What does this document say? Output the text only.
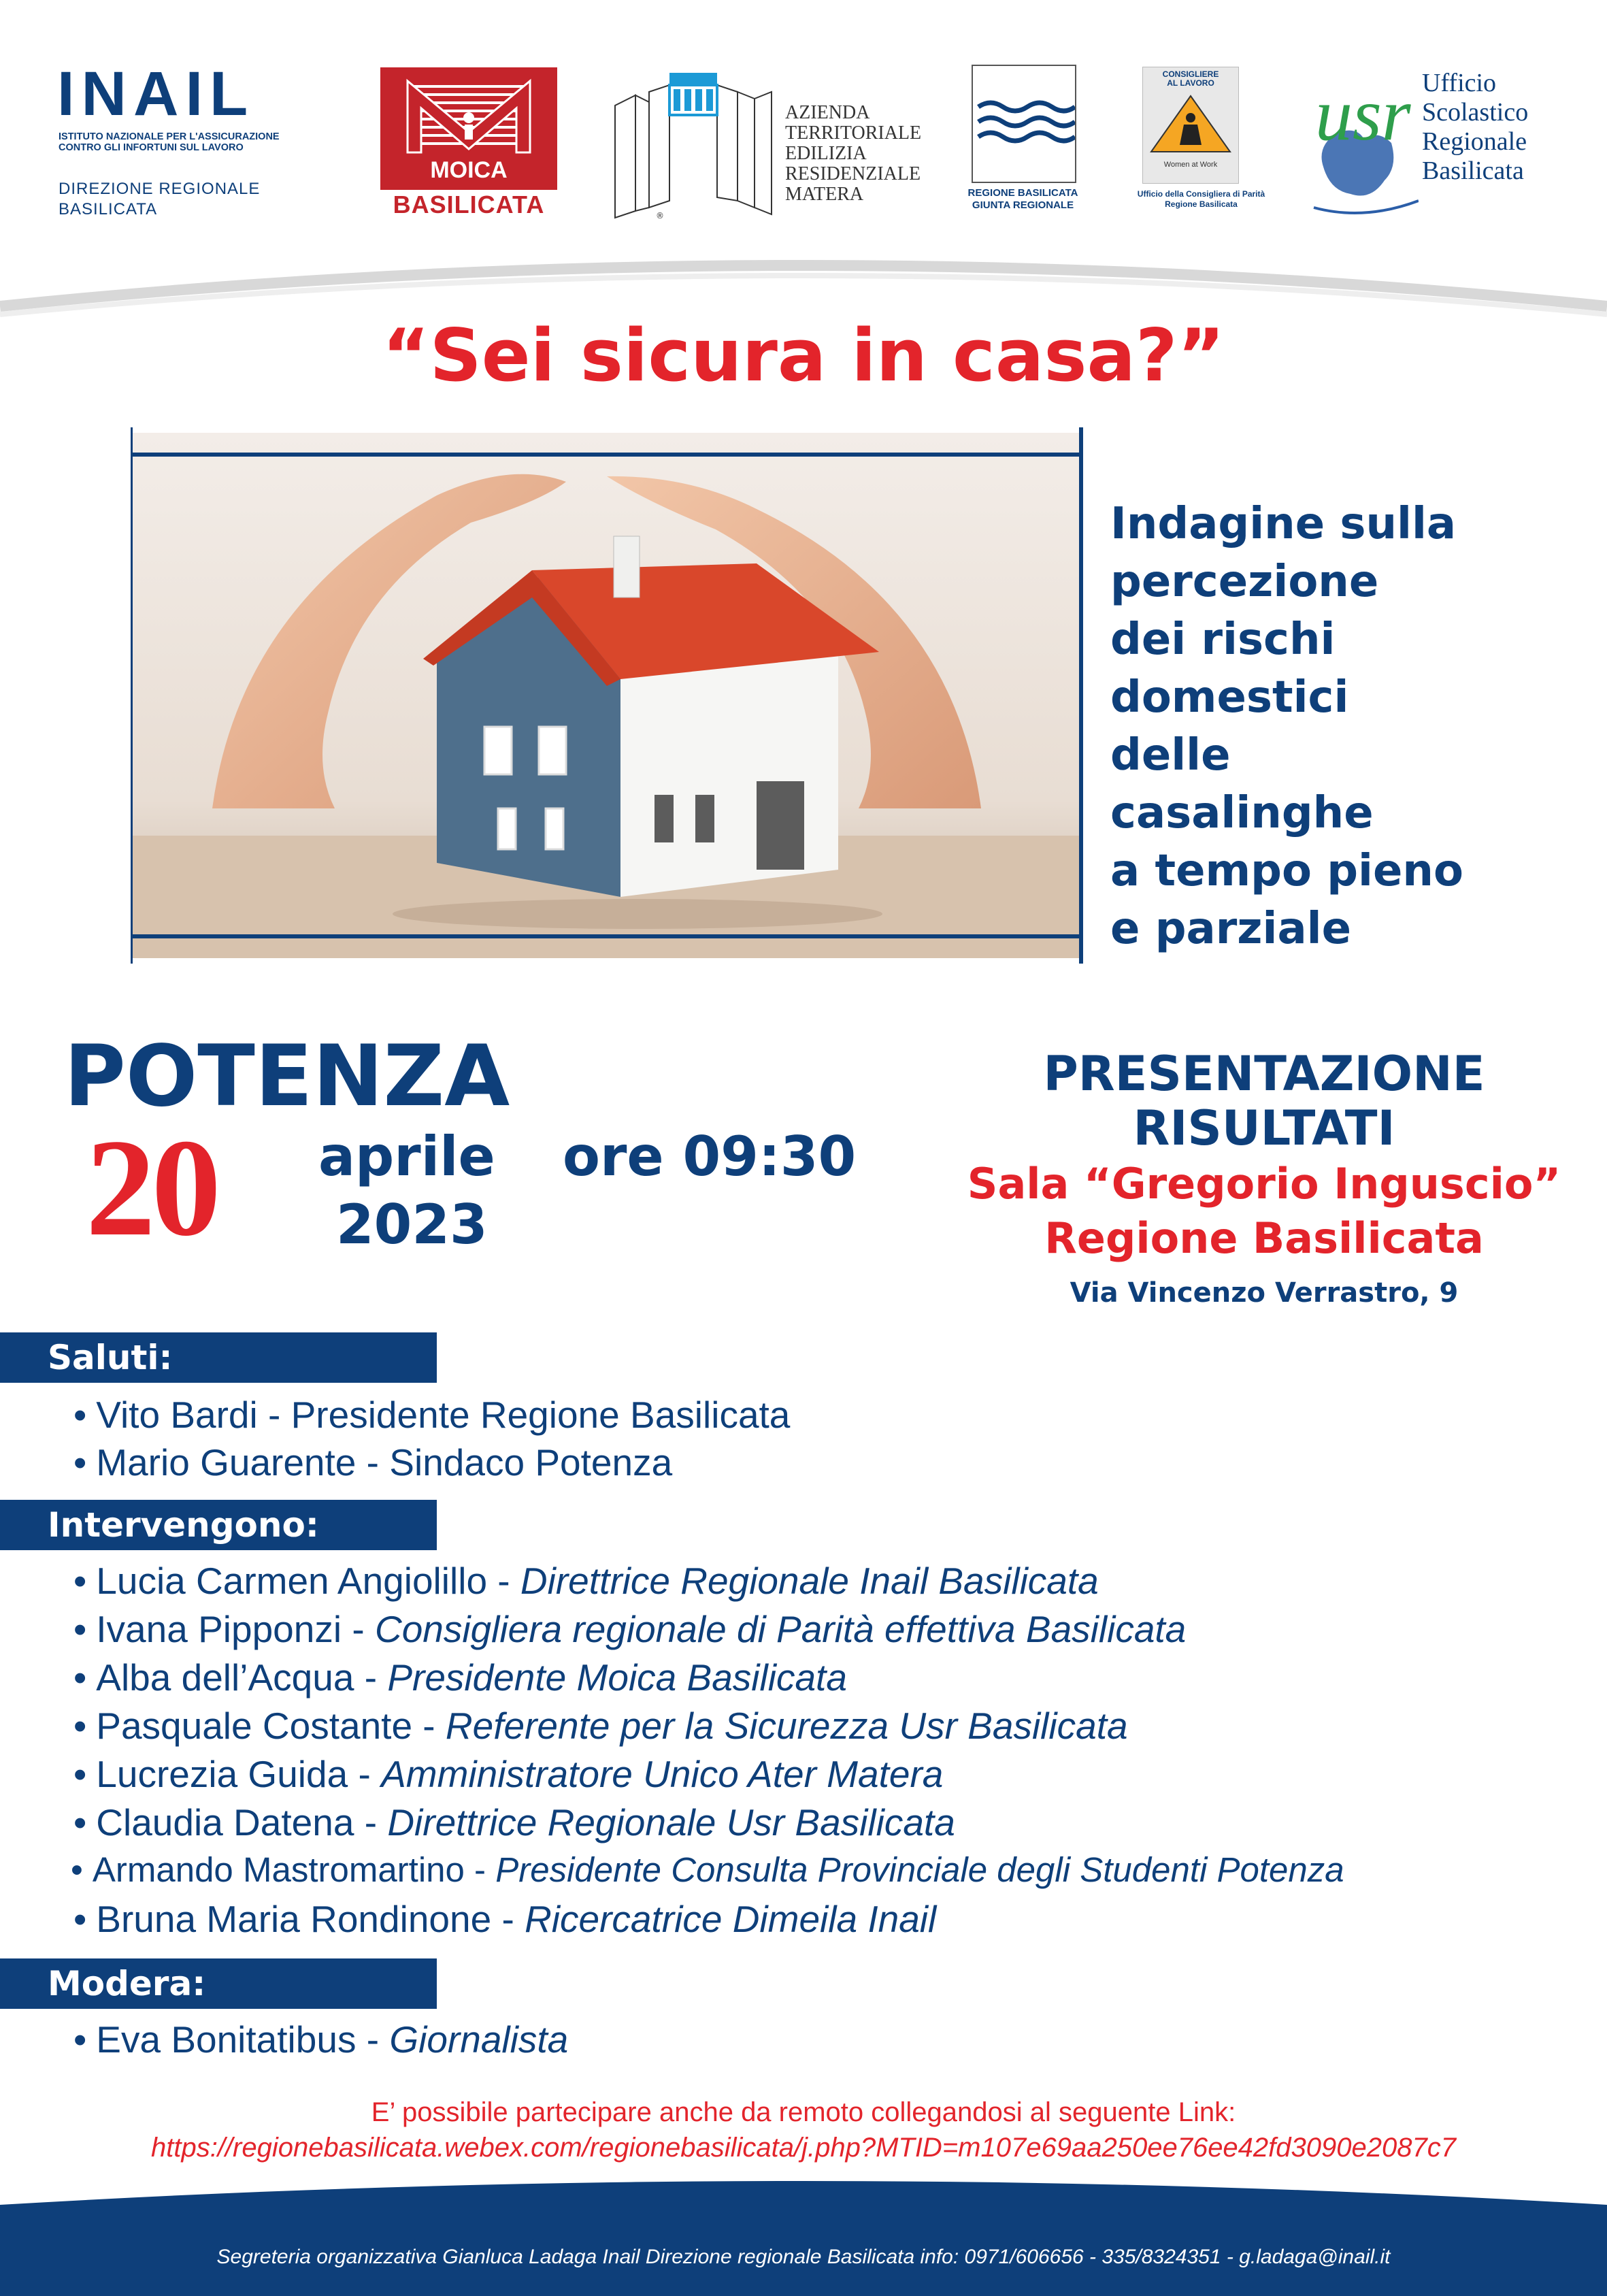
INAIL
ISTITUTO NAZIONALE PER L'ASSICURAZIONE
CONTRO GLI INFORTUNI SUL LAVORO
DIREZIONE REGIONALE
BASILICATA
MOICA
BASILICATA	®
AZIENDA
TERRITORIALE
EDILIZIA
RESIDENZIALE
MATERA	REGIONE BASILICATA
GIUNTA REGIONALE
CONSIGLIERE
AL LAVORO
Women at Work
Ufficio della Consigliera di Parità
Regione Basilicata
usr Ufficio
Scolastico
Regionale
Basilicata
“Sei sicura in casa?”
Indagine sulla
percezione
dei rischi
domestici
delle
casalinghe
a tempo pieno
e parziale
POTENZA
20 aprile
2023
ore 09:30
PRESENTAZIONE
RISULTATI
Sala “Gregorio Inguscio”
Regione Basilicata
Via Vincenzo Verrastro, 9
Saluti:
• Vito Bardi - Presidente Regione Basilicata
• Mario Guarente - Sindaco Potenza
Intervengono:
• Lucia Carmen Angiolillo - Direttrice Regionale Inail Basilicata
• Ivana Pipponzi - Consigliera regionale di Parità effettiva Basilicata
• Alba dell’Acqua - Presidente Moica Basilicata
• Pasquale Costante - Referente per la Sicurezza Usr Basilicata
• Lucrezia Guida - Amministratore Unico Ater Matera
• Claudia Datena - Direttrice Regionale Usr Basilicata
• Armando Mastromartino - Presidente Consulta Provinciale degli Studenti Potenza
• Bruna Maria Rondinone - Ricercatrice Dimeila Inail
Modera:
• Eva Bonitatibus - Giornalista
E’ possibile partecipare anche da remoto collegandosi al seguente Link:
https://regionebasilicata.webex.com/regionebasilicata/j.php?MTID=m107e69aa250ee76ee42fd3090e2087c7
Segreteria organizzativa Gianluca Ladaga Inail Direzione regionale Basilicata info: 0971/606656 - 335/8324351 - g.ladaga@inail.it
